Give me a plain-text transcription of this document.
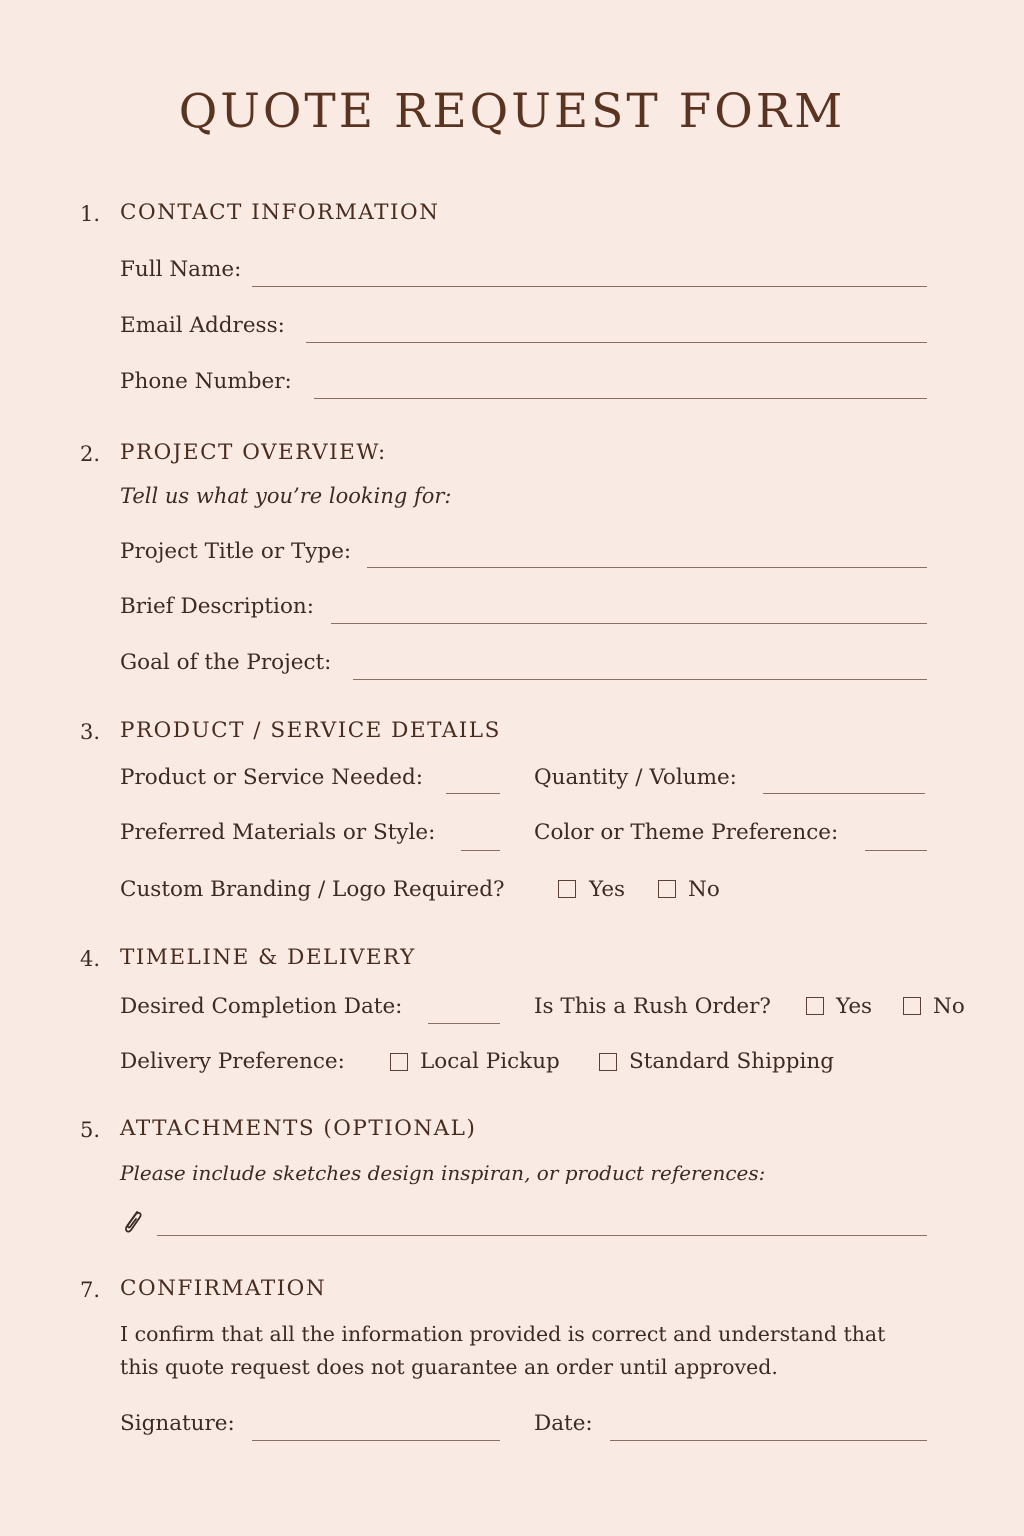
QUOTE REQUEST FORM
1. CONTACT INFORMATION
Full Name:
Email Address:
Phone Number:
2. PROJECT OVERVIEW:
Tell us what you’re looking for:
Project Title or Type:
Brief Description:
Goal of the Project:
3. PRODUCT / SERVICE DETAILS
Product or Service Needed:	Quantity / Volume:
Preferred Materials or Style:	Color or Theme Preference:
Custom Branding / Logo Required?	Yes	No
4. TIMELINE & DELIVERY
Desired Completion Date:	Is This a Rush Order?	Yes	No
Delivery Preference:	Local Pickup	Standard Shipping
5. ATTACHMENTS (OPTIONAL)
Please include sketches design inspiran, or product references:
7. CONFIRMATION
I confirm that all the information provided is correct and understand that
this quote request does not guarantee an order until approved.
Signature:	Date:
